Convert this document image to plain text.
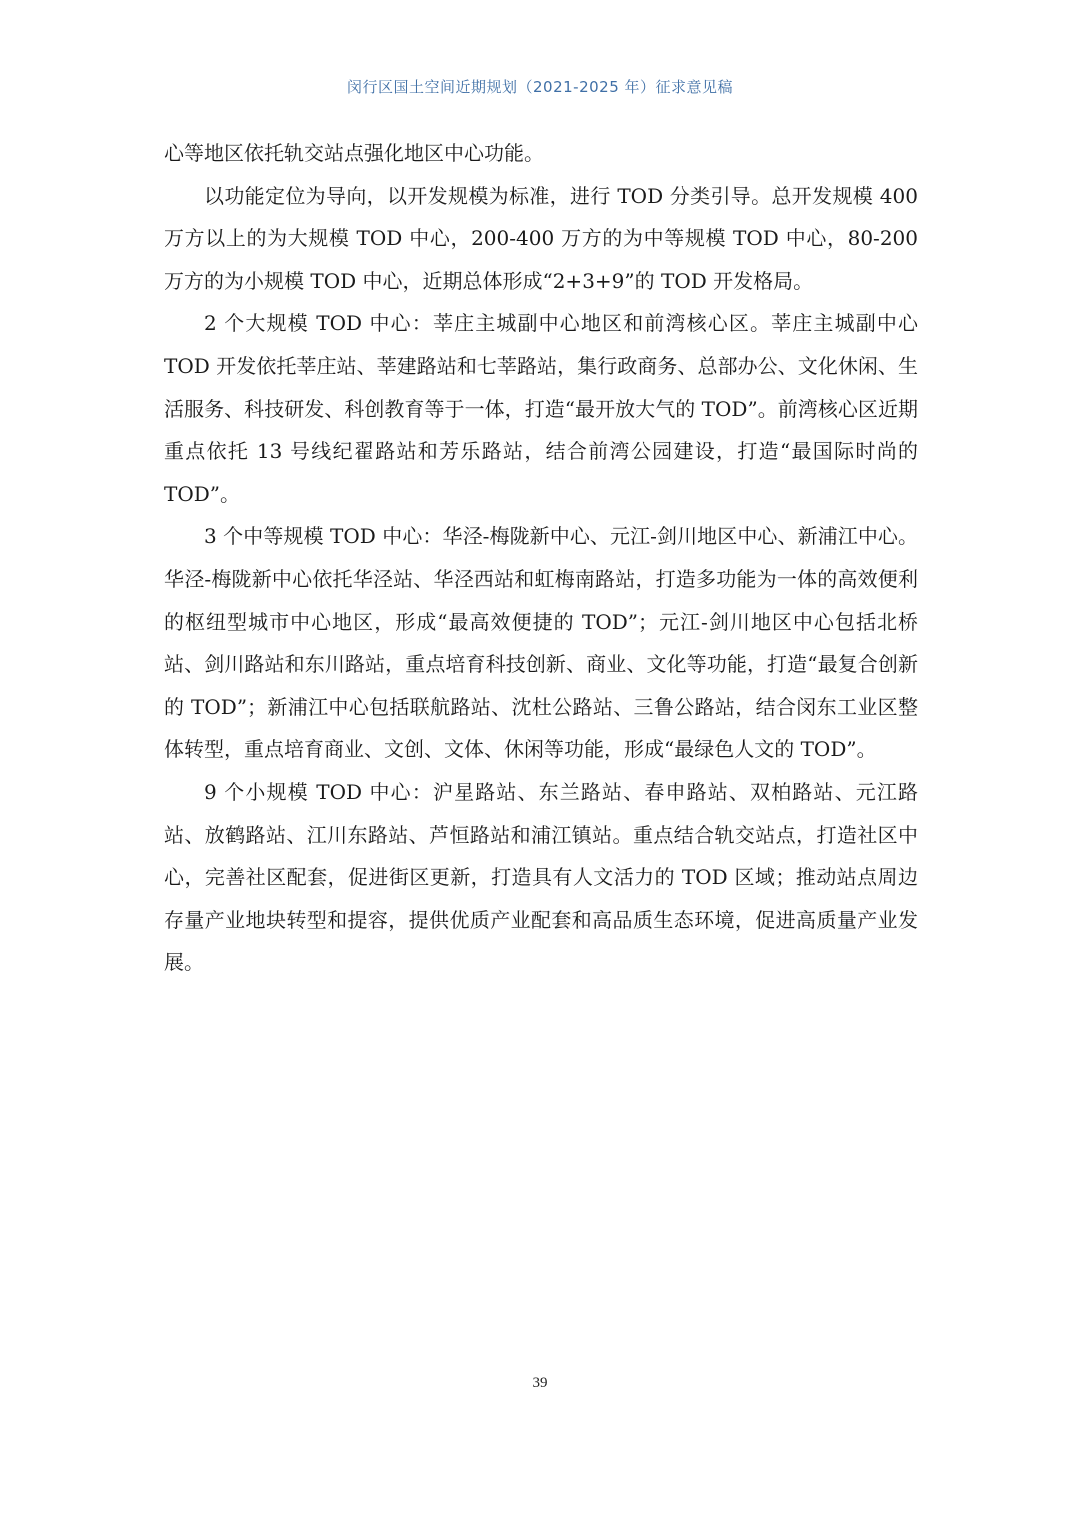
闵行区国土空间近期规划（2021-2025 年）征求意见稿

心等地区依托轨交站点强化地区中心功能。

以功能定位为导向，以开发规模为标准，进行 TOD 分类引导。总开发规模 400 万方以上的为大规模 TOD 中心，200-400 万方的为中等规模 TOD 中心，80-200 万方的为小规模 TOD 中心，近期总体形成“2+3+9”的 TOD 开发格局。

2 个大规模 TOD 中心：莘庄主城副中心地区和前湾核心区。莘庄主城副中心 TOD 开发依托莘庄站、莘建路站和七莘路站，集行政商务、总部办公、文化休闲、生活服务、科技研发、科创教育等于一体，打造“最开放大气的 TOD”。前湾核心区近期重点依托 13 号线纪翟路站和芳乐路站，结合前湾公园建设，打造“最国际时尚的 TOD”。

3 个中等规模 TOD 中心：华泾-梅陇新中心、元江-剑川地区中心、新浦江中心。华泾-梅陇新中心依托华泾站、华泾西站和虹梅南路站，打造多功能为一体的高效便利的枢纽型城市中心地区，形成“最高效便捷的 TOD”；元江-剑川地区中心包括北桥站、剑川路站和东川路站，重点培育科技创新、商业、文化等功能，打造“最复合创新的 TOD”；新浦江中心包括联航路站、沈杜公路站、三鲁公路站，结合闵东工业区整体转型，重点培育商业、文创、文体、休闲等功能，形成“最绿色人文的 TOD”。

9 个小规模 TOD 中心：沪星路站、东兰路站、春申路站、双柏路站、元江路站、放鹤路站、江川东路站、芦恒路站和浦江镇站。重点结合轨交站点，打造社区中心，完善社区配套，促进街区更新，打造具有人文活力的 TOD 区域；推动站点周边存量产业地块转型和提容，提供优质产业配套和高品质生态环境，促进高质量产业发展。

39
